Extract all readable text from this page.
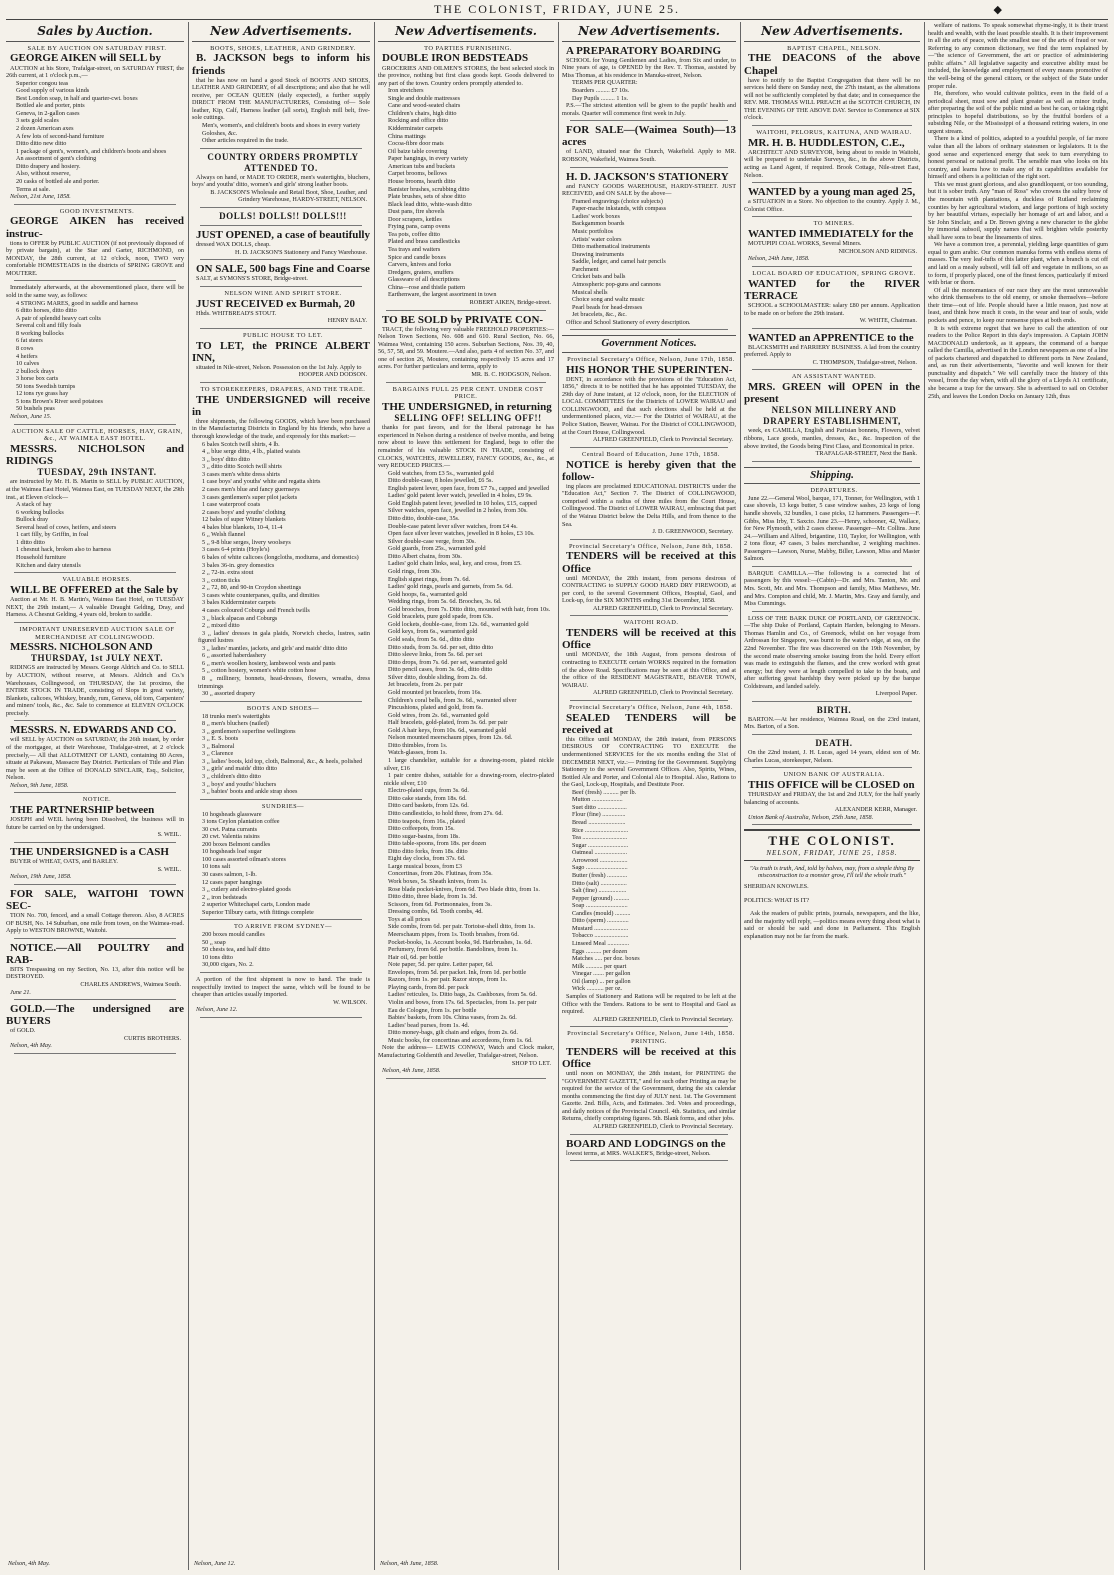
THE COLONIST, FRIDAY, JUNE 25.	◆
Sales by Auction.

SALE BY AUCTION ON SATURDAY FIRST.

GEORGE AIKEN will SELL by

AUCTION at his Store, Trafalgar-street, on SATURDAY FIRST, the 26th current, at 1 o'clock p.m.,—

Superior congou teas

Good supply of various kinds

Best London soap, in half and quarter-cwt. boxes

Bottled ale and porter, pints

Geneva, in 2-gallon cases

3 sets gold scales

2 dozen American axes

A few lots of second-hand furniture

Ditto ditto new ditto

1 package of gent's, women's, and children's boots and shoes

An assortment of gent's clothing

Ditto drapery and hosiery.

Also, without reserve,

20 casks of bottled ale and porter.

Terms at sale.

Nelson, 21st June, 1858.

GOOD INVESTMENTS.

GEORGE AIKEN has received instruc-

tions to OFFER by PUBLIC AUCTION (if not previously disposed of by private bargain), at the Star and Garter, RICHMOND, on MONDAY, the 28th current, at 12 o'clock, noon, TWO very comfortable HOMESTEADS in the districts of SPRING GROVE and MOUTERE.

Immediately afterwards, at the abovementioned place, there will be sold in the same way, as follows:

4 STRONG MARES, good in saddle and harness

6 ditto horses, ditto ditto

A pair of splendid heavy cart colts

Several colt and filly foals

8 working bullocks

6 fat steers

8 cows

4 heifers

10 calves

2 bullock drays

3 horse box carts

50 tons Swedish turnips

12 tons rye grass hay

5 tons Brown's River seed potatoes

50 bushels peas

Nelson, June 15.

AUCTION SALE OF CATTLE, HORSES, HAY, GRAIN, &c., AT WAIMEA EAST HOTEL.

MESSRS. NICHOLSON and RIDINGS

TUESDAY, 29th INSTANT.

are instructed by Mr. H. B. Martin to SELL by PUBLIC AUCTION, at the Waimea East Hotel, Waimea East, on TUESDAY NEXT, the 29th inst., at Eleven o'clock—

A stack of hay

6 working bullocks

Bullock dray

Several head of cows, heifers, and steers

1 cart filly, by Griffin, in foal

1 ditto ditto

1 chesnut hack, broken also to harness

Household furniture

Kitchen and dairy utensils

VALUABLE HORSES.

WILL BE OFFERED at the Sale by

Auction at Mr. H. B. Martin's, Waimea East Hotel, on TUESDAY NEXT, the 29th instant,— A valuable Draught Gelding, Dray, and Harness. A Chesnut Gelding, 4 years old, broken to saddle.

IMPORTANT UNRESERVED AUCTION SALE OF MERCHANDISE AT COLLINGWOOD.

MESSRS. NICHOLSON AND

THURSDAY, 1st JULY NEXT.

RIDINGS are instructed by Messrs. George Aldrich and Co. to SELL by AUCTION, without reserve, at Messrs. Aldrich and Co.'s Warehouses, Collingwood, on THURSDAY, the 1st proximo, the ENTIRE STOCK IN TRADE, consisting of Slops in great variety, Blankets, calicoes, Whiskey, brandy, rum, Geneva, old tom, Carpenters' and miners' tools, &c., &c. Sale to commence at ELEVEN O'CLOCK precisely.

MESSRS. N. EDWARDS AND CO.

will SELL by AUCTION on SATURDAY, the 26th instant, by order of the mortgagee, at their Warehouse, Trafalgar-street, at 2 o'clock precisely,— All that ALLOTMENT OF LAND, containing 80 Acres, situate at Pakawau, Massacre Bay District. Particulars of Title and Plan may be seen at the Office of DONALD SINCLAIR, Esq., Solicitor, Nelson.

Nelson, 9th June, 1858.

NOTICE.

THE PARTNERSHIP between

JOSEPH and WEIL having been Dissolved, the business will in future be carried on by the undersigned.

S. WEIL.

THE UNDERSIGNED is a CASH

BUYER of WHEAT, OATS, and BARLEY.

S. WEIL.

Nelson, 19th June, 1858.

FOR SALE, WAITOHI TOWN SEC-

TION No. 700, fenced, and a small Cottage thereon. Also, 8 ACRES OF BUSH, No. 14 Suburban, one mile from town, on the Waimea-road. Apply to WESTON BROWNE, Waitohi.

NOTICE.—All POULTRY and RAB-

BITS Trespassing on my Section, No. 13, after this notice will be DESTROYED.

CHARLES ANDREWS, Waimea South.

June 21.

GOLD.—The undersigned are BUYERS

of GOLD.

CURTIS BROTHERS.

Nelson, 4th May.

New Advertisements.

BOOTS, SHOES, LEATHER, AND GRINDERY.

B. JACKSON begs to inform his friends

that he has now on hand a good Stock of BOOTS AND SHOES, LEATHER AND GRINDERY, of all descriptions; and also that he will receive, per OCEAN QUEEN (daily expected), a further supply DIRECT FROM THE MANUFACTURERS, Consisting of— Sole leather, Kip, Calf, Harness leather (all sorts), English mill belt, five-sole cuttings.

Men's, women's, and children's boots and shoes in every variety

Goloshes, &c.

Other articles required in the trade.

COUNTRY ORDERS PROMPTLY ATTENDED TO.

Always on hand, or MADE TO ORDER, men's watertights, bluchers, boys' and youths' ditto, women's and girls' strong leather boots.

B. JACKSON'S Wholesale and Retail Boot, Shoe, Leather, and Grindery Warehouse, HARDY-STREET, NELSON.

DOLLS! DOLLS!! DOLLS!!!

JUST OPENED, a case of beautifully

dressed WAX DOLLS, cheap.

H. D. JACKSON'S Stationery and Fancy Warehouse.

ON SALE, 500 bags Fine and Coarse

SALT, at SYMONS'S STORE, Bridge-street.

NELSON WINE AND SPIRIT STORE.

JUST RECEIVED ex Burmah, 20

Hhds. WHITBREAD'S STOUT.

HENRY BALY.

PUBLIC HOUSE TO LET.

TO LET, the PRINCE ALBERT INN,

situated in Nile-street, Nelson. Possession on the 1st July. Apply to

HOOPER AND DODSON.

TO STOREKEEPERS, DRAPERS, AND THE TRADE.

THE UNDERSIGNED will receive in

three shipments, the following GOODS, which have been purchased in the Manufacturing Districts in England by his friends, who have a thorough knowledge of the trade, and expressly for this market:—

6 bales Scotch twill shirts, 4 lb.

4 ,, blue serge ditto, 4 lb., plaited waists

3 ,, boys' ditto ditto

3 ,, ditto ditto Scotch twill shirts

3 cases men's white dress shirts

1 case boys' and youths' white and regatta shirts

2 cases men's blue and fancy guernseys

3 cases gentlemen's super pilot jackets

1 case waterproof coats

2 cases boys' and youths' clothing

12 bales of super Witney blankets

4 bales blue blankets, 10-4, 11-4

6 ,, Welsh flannel

5 ,, 9-8 blue serges, livery woolseys

3 cases 6-4 prints (Hoyle's)

6 bales of white calicoes (longcloths, modiums, and domestics)

3 bales 36-in. grey domestics

2 ,, 72-in. extra stout

3 ,, cotton ticks

2 ,, 72, 80, and 90-in Croydon sheetings

3 cases white counterpanes, quilts, and dimities

3 bales Kidderminster carpets

4 cases coloured Coburgs and French twills

3 ,, black alpacas and Coburgs

2 ,, mixed ditto

3 ,, ladies' dresses in gala plaids, Norwich checks, lustres, satin figured lustres

3 ,, ladies' mantles, jackets, and girls' and maids' ditto ditto

6 ,, assorted haberdashery

6 ,, men's woollen hosiery, lambswool vests and pants

5 ,, cotton hosiery, women's white cotton hose

8 ,, millinery, bonnets, head-dresses, flowers, wreaths, dress trimmings

30 ,, assorted drapery

BOOTS AND SHOES—

18 trunks men's watertights

8 ,, men's bluchers (nailed)

3 ,, gentlemen's superfine wellingtons

3 ,, E. S. boots

3 ,, Balmoral

3 ,, Clarence

3 ,, ladies' boots, kid top, cloth, Balmoral, &c., & heels, polished

3 ,, girls' and maids' ditto ditto

3 ,, children's ditto ditto

3 ,, boys' and youths' bluchers

3 ,, babies' boots and ankle strap shoes

SUNDRIES—

10 hogsheads glassware

3 tons Ceylon plantation coffee

30 cwt. Patna currants

20 cwt. Valentia raisins

200 boxes Belmont candles

10 hogsheads loaf sugar

100 cases assorted oilman's stores

10 tons salt

30 cases salmon, 1-lb.

12 cases paper hangings

3 ,, cutlery and electro-plated goods

2 ,, iron bedsteads

2 superior Whitechapel carts, London made

Superior Tilbury carts, with fittings complete

TO ARRIVE FROM SYDNEY—

200 boxes mould candles

50 ,, soap

50 chests tea, and half ditto

10 tons ditto

30,000 cigars, No. 2.

A portion of the first shipment is now to hand. The trade is respectfully invited to inspect the same, which will be found to be cheaper than articles usually imported.

W. WILSON.

Nelson, June 12.

New Advertisements.

TO PARTIES FURNISHING.

DOUBLE IRON BEDSTEADS

GROCERIES AND OILMEN'S STORES, the best selected stock in the province, nothing but first class goods kept. Goods delivered to any part of the town. Country orders promptly attended to.

Iron stretchers

Single and double mattresses

Cane and wood-seated chairs

Children's chairs, high ditto

Rocking and office ditto

Kidderminster carpets

China mattings

Cocoa-fibre door mats

Oil baize table covering

Paper hangings, in every variety

American tubs and buckets

Carpet brooms, bellows

House brooms, hearth ditto

Banister brushes, scrubbing ditto

Plate brushes, sets of shoe ditto

Black lead ditto, white-wash ditto

Dust pans, fire shovels

Door scrapers, kettles

Frying pans, camp ovens

Tea pots, coffee ditto

Plated and brass candlesticks

Tea trays and waiters

Spice and candle boxes

Carvers, knives and forks

Dredgers, graters, snuffers

Glassware of all descriptions

China—rose and thistle pattern

Earthenware, the largest assortment in town

ROBERT AIKEN, Bridge-street.

TO BE SOLD by PRIVATE CON-

TRACT, the following very valuable FREEHOLD PROPERTIES:— Nelson Town Sections, No. 608 and 610. Rural Section, No. 66, Waimea West, containing 150 acres. Suburban Sections, Nos. 39, 40, 56, 57, 58, and 59. Moutere.—And also, parts 4 of section No. 37, and one of section 26, Moutere, containing respectively 15 acres and 17 acres. For further particulars and terms, apply to

MR. B. C. HODGSON, Nelson.

BARGAINS FULL 25 PER CENT. UNDER COST PRICE.

THE UNDERSIGNED, in returning

SELLING OFF! SELLING OFF!!

thanks for past favors, and for the liberal patronage he has experienced in Nelson during a residence of twelve months, and being now about to leave this settlement for England, begs to offer the remainder of his valuable STOCK IN TRADE, consisting of CLOCKS, WATCHES, JEWELLERY, FANCY GOODS, &c., &c., at very REDUCED PRICES.—

Gold watches, from £3 5s., warranted gold

Ditto double-case, 8 holes jewelled, £6 5s.

English patent lever, open face, from £7 7s., capped and jewelled

Ladies' gold patent lever watch, jewelled in 4 holes, £9 9s.

Gold English patent lever, jewelled in 10 holes, £15, capped

Silver watches, open face, jewelled in 2 holes, from 30s.

Ditto ditto, double-case, 35s.

Double-case patent lever silver watches, from £4 4s.

Open face silver lever watches, jewelled in 8 holes, £3 10s.

Silver double-case verge, from 30s.

Gold guards, from 25s., warranted gold

Ditto Albert chains, from 30s.

Ladies' gold chain links, seal, key, and cross, from £5.

Gold rings, from 30s.

English signet rings, from 7s. 6d.

Ladies' gold rings, pearls and garnets, from 5s. 6d.

Gold hoops, 6s., warranted gold

Wedding rings, from 5s. 6d. Brooches, 3s. 6d.

Gold brooches, from 7s. Ditto ditto, mounted with hair, from 10s.

Gold bracelets, pure gold spade, from 63s.

Gold lockets, double-case, from 12s. 6d., warranted gold

Gold keys, from 6s., warranted gold

Gold seals, from 5s. 6d., ditto ditto

Ditto studs, from 3s. 6d. per set, ditto ditto

Ditto sleeve links, from 5s. 6d. per set

Ditto drops, from 7s. 6d. per set, warranted gold

Ditto pencil cases, from 3s. 6d., ditto ditto

Silver ditto, double sliding, from 2s. 6d.

Jet bracelets, from 2s. per pair

Gold mounted jet bracelets, from 16s.

Children's coral bells, from 3s. 6d., warranted silver

Pincushions, plated and gold, from 6s.

Gold wires, from 2s. 6d., warranted gold

Half bracelets, gold-plated, from 3s. 6d. per pair

Gold A hair keys, from 10s. 6d., warranted gold

Nelson mounted meerschaum pipes, from 12s. 6d.

Ditto thimbles, from 1s.

Watch-glasses, from 1s.

1 large chandelier, suitable for a drawing-room, plated nickle silver, £16

1 pair centre dishes, suitable for a drawing-room, electro-plated nickle silver, £10

Electro-plated cups, from 3s. 6d.

Ditto cake stands, from 18s. 6d.

Ditto card baskets, from 12s. 6d.

Ditto candlesticks, to hold three, from 27s. 6d.

Ditto teapots, from 16s., plated

Ditto coffeepots, from 15s.

Ditto sugar-basins, from 18s.

Ditto table-spoons, from 18s. per dozen

Ditto ditto forks, from 18s. ditto

Eight day clocks, from 37s. 6d.

Large musical boxes, from £3

Concertinas, from 20s. Flutinas, from 35s.

Work boxes, 5s. Sheath knives, from 1s.

Rose blade pocket-knives, from 6d. Two blade ditto, from 1s.

Ditto ditto, three blade, from 1s. 3d.

Scissors, from 6d. Portmonnaies, from 3s.

Dressing combs, 6d. Tooth combs, 4d.

Toys at all prices

Side combs, from 6d. per pair. Tortoise-shell ditto, from 1s.

Meerschaum pipes, from 1s. Tooth brushes, from 6d.

Pocket-books, 1s. Account books, 9d. Hairbrushes, 1s. 6d.

Perfumery, from 6d. per bottle. Bandolines, from 1s.

Hair oil, 6d. per bottle

Note paper, 5d. per quire. Letter paper, 6d.

Envelopes, from 5d. per packet. Ink, from 1d. per bottle

Razors, from 1s. per pair. Razor strops, from 1s.

Playing cards, from 8d. per pack

Ladies' reticules, 1s. Ditto bags, 2s. Cashboxes, from 5s. 6d.

Violin and bows, from 17s. 6d. Spectacles, from 1s. per pair

Eau de Cologne, from 1s. per bottle

Babies' baskets, from 10s. China vases, from 2s. 6d.

Ladies' bead purses, from 1s. 4d.

Ditto money-bags, gilt chain and edges, from 2s. 6d.

Music books, for concertinas and accordeons, from 1s. 6d.

Note the address— LEWIS CONWAY, Watch and Clock maker, Manufacturing Goldsmith and Jeweller, Trafalgar-street, Nelson.

SHOP TO LET.

Nelson, 4th June, 1858.

New Advertisements.

A PREPARATORY BOARDING

SCHOOL for Young Gentlemen and Ladies, from Six and under, to Nine years of age, is OPENED by the Rev. T. Thomas, assisted by Miss Thomas, at his residence in Manuka-street, Nelson.

TERMS PER QUARTER:

Boarders ......... £7 10s.

Day Pupils ......... 1 1s.

P.S.—The strictest attention will be given to the pupils' health and morals. Quarter will commence first week in July.

FOR SALE—(Waimea South)—13 acres

of LAND, situated near the Church, Wakefield. Apply to MR. ROBSON, Wakefield, Waimea South.

H. D. JACKSON'S STATIONERY

and FANCY GOODS WAREHOUSE, HARDY-STREET. JUST RECEIVED, and ON SALE by the above—

Framed engravings (choice subjects)

Paper-mache inkstands, with compass

Ladies' work boxes

Backgammon boards

Music portfolios

Artists' water colors

Ditto mathematical instruments

Drawing instruments

Saddle, ledger, and camel hair pencils

Parchment

Cricket bats and balls

Atmospheric pop-guns and cannons

Musical shells

Choice song and waltz music

Pearl beads for head-dresses

Jet bracelets, &c., &c.

Office and School Stationery of every description.

Government Notices.

Provincial Secretary's Office, Nelson, June 17th, 1858.

HIS HONOR THE SUPERINTEN-

DENT, in accordance with the provisions of the "Education Act, 1856," directs it to be notified that he has appointed TUESDAY, the 29th day of June instant, at 12 o'clock, noon, for the ELECTION of LOCAL COMMITTEES for the Districts of LOWER WAIRAU and COLLINGWOOD, and that such elections shall be held at the undermentioned places, viz.:— For the District of WAIRAU, at the Police Station, Beaver, Wairau. For the District of COLLINGWOOD, at the Court House, Collingwood.

ALFRED GREENFIELD, Clerk to Provincial Secretary.

Central Board of Education, June 17th, 1858.

NOTICE is hereby given that the follow-

ing places are proclaimed EDUCATIONAL DISTRICTS under the "Education Act," Section 7. The District of COLLINGWOOD, comprised within a radius of three miles from the Court House, Collingwood. The District of LOWER WAIRAU, embracing that part of the Wairau District below the Delta Hills, and from thence to the Sea.

J. D. GREENWOOD, Secretary.

Provincial Secretary's Office, Nelson, June 8th, 1858.

TENDERS will be received at this Office

until MONDAY, the 28th instant, from persons desirous of CONTRACTING to SUPPLY GOOD HARD DRY FIREWOOD, at per cord, to the several Government Offices, Hospital, Gaol, and Lock-up, for the SIX MONTHS ending 31st December, 1858.

ALFRED GREENFIELD, Clerk to Provincial Secretary.

WAITOHI ROAD.

TENDERS will be received at this Office

until MONDAY, the 18th August, from persons desirous of contracting to EXECUTE certain WORKS required in the formation of the above Road. Specifications may be seen at this Office, and at the office of the RESIDENT MAGISTRATE, BEAVER TOWN, WAIRAU.

ALFRED GREENFIELD, Clerk to Provincial Secretary.

Provincial Secretary's Office, Nelson, June 4th, 1858.

SEALED TENDERS will be received at

this Office until MONDAY, the 28th instant, from PERSONS DESIROUS OF CONTRACTING TO EXECUTE the undermentioned SERVICES for the six months ending the 31st of DECEMBER NEXT, viz.:— Printing for the Government. Supplying Stationery to the several Government Offices. Also, Spirits, Wines, Bottled Ale and Porter, and Colonial Ale to Hospital. Also, Rations to the Gaol, Lock-up, Hospitals, and Destitute Poor.

Beef (fresh) .......... per lb.

Mutton ....................

Suet ditto ...................

Flour (fine) ...............

Bread ........................

Rice ............................

Tea .............................

Sugar ..........................

Oatmeal .....................

Arrowroot ..................

Sago ...........................

Butter (fresh) .............

Ditto (salt) .................

Salt (fine) ..................

Pepper (ground) ..........

Soap ...........................

Candles (mould) ..........

Ditto (sperm) ..............

Mustard ......................

Tobacco ......................

Linseed Meal ..............

Eggs .......... per dozen

Matches ..... per doz. boxes

Milk ........... per quart

Vinegar ....... per gallon

Oil (lamp) ... per gallon

Wick ........... per oz.

Samples of Stationery and Rations will be required to be left at the Office with the Tenders. Rations to be sent to Hospital and Gaol as required.

ALFRED GREENFIELD, Clerk to Provincial Secretary.

Provincial Secretary's Office, Nelson, June 14th, 1858. PRINTING.

TENDERS will be received at this Office

until noon on MONDAY, the 28th instant, for PRINTING the "GOVERNMENT GAZETTE," and for such other Printing as may be required for the service of the Government, during the six calendar months commencing the first day of JULY next. 1st. The Government Gazette. 2nd. Bills, Acts, and Estimates. 3rd. Votes and proceedings, and daily notices of the Provincial Council. 4th. Statistics, and similar Returns, chiefly comprising figures. 5th. Blank forms, and other jobs.

ALFRED GREENFIELD, Clerk to Provincial Secretary.

BOARD AND LODGINGS on the

lowest terms, at MRS. WALKER'S, Bridge-street, Nelson.

New Advertisements.

BAPTIST CHAPEL, NELSON.

THE DEACONS of the above Chapel

have to notify to the Baptist Congregation that there will be no services held there on Sunday next, the 27th instant, as the alterations will not be sufficiently completed by that date; and in consequence the REV. MR. THOMAS WILL PREACH at the SCOTCH CHURCH, IN THE EVENING OF THE ABOVE DAY. Service to Commence at SIX o'clock.

WAITOHI, PELORUS, KAITUNA, AND WAIRAU.

MR. H. B. HUDDLESTON, C.E.,

ARCHITECT AND SURVEYOR, being about to reside in Waitohi, will be prepared to undertake Surveys, &c., in the above Districts, acting as Land Agent, if required. Brook Cottage, Nile-street East, Nelson.

WANTED by a young man aged 25,

a SITUATION in a Store. No objection to the country. Apply J. M., Colonist Office.

TO MINERS.

WANTED IMMEDIATELY for the

MOTUPIPI COAL WORKS, Several Miners.

NICHOLSON AND RIDINGS.

Nelson, 24th June, 1858.

LOCAL BOARD OF EDUCATION, SPRING GROVE.

WANTED for the RIVER TERRACE

SCHOOL a SCHOOLMASTER: salary £80 per annum. Application to be made on or before the 29th instant.

W. WHITE, Chairman.

WANTED an APPRENTICE to the

BLACKSMITH and FARRIERY BUSINESS. A lad from the country preferred. Apply to

C. THOMPSON, Trafalgar-street, Nelson.

AN ASSISTANT WANTED.

MRS. GREEN will OPEN in the present

NELSON MILLINERY AND DRAPERY ESTABLISHMENT,

week, ex CAMILLA, English and Parisian bonnets, Flowers, velvet ribbons, Lace goods, mantles, dresses, &c., &c. Inspection of the above invited, the Goods being First Class, and Economical in price.

TRAFALGAR-STREET, Next the Bank.

Shipping.

DEPARTURES.

June 22.—General Wool, barque, 171, Tonner, for Wellington, with 1 case shovels, 13 kegs butter, 5 case window sashes, 23 kegs of long handle shovels, 32 bundles, 1 case picks, 12 hammers. Passengers—F. Gibbs, Miss Irby, T. Saxcto. June 23.—Henry, schooner, 42, Wallace, for New Plymouth, with 2 cases cheese. Passenger—Mr. Collins. June 24.—William and Alfred, brigantine, 110, Taylor, for Wellington, with 2 tons flour, 47 cases, 3 bales merchandise, 2 weighing machines. Passengers—Lawson, Nurse, Mabby, Biller, Lawson, Miss and Master Salmon.

BARQUE CAMILLA.—The following is a corrected list of passengers by this vessel:—(Cabin)—Dr. and Mrs. Tanton, Mr. and Mrs. Scott, Mr. and Mrs. Thompson and family, Miss Matthews, Mr. and Mrs. Compton and child, Mr. J. Martin, Mrs. Gray and family, and Miss Cummings.

LOSS OF THE BARK DUKE OF PORTLAND, OF GREENOCK.—The ship Duke of Portland, Captain Harden, belonging to Messrs. Thomas Hamlin and Co., of Greenock, whilst on her voyage from Ardrossan for Singapore, was burnt to the water's edge, at sea, on the 22nd November. The fire was discovered on the 19th November, by the second mate observing smoke issuing from the hold. Every effort was made to extinguish the flames, and the crew worked with great energy; but they were at length compelled to take to the boats, and after suffering great hardship they were picked up by the barque Coldstream, and landed safely.

Liverpool Paper.

BIRTH.

BARTON.—At her residence, Waimea Road, on the 23rd instant, Mrs. Barton, of a Son.

DEATH.

On the 22nd instant, J. H. Lucas, aged 14 years, eldest son of Mr. Charles Lucas, storekeeper, Nelson.

UNION BANK OF AUSTRALIA.

THIS OFFICE will be CLOSED on

THURSDAY and FRIDAY, the 1st and 2nd JULY, for the half yearly balancing of accounts.

ALEXANDER KERR, Manager.

Union Bank of Australia, Nelson, 25th June, 1858.

THE COLONIST.
NELSON, FRIDAY, JUNE 25, 1858.

"As truth is truth, And, told by halves, may, from a simple thing By misconstruction to a monster grow, I'll tell the whole truth."

SHERIDAN KNOWLES.

POLITICS: WHAT IS IT?

Ask the readers of public prints, journals, newspapers, and the like, and the majority will reply, —politics means every thing about what is said or should be said and done in Parliament. This English explanation may not be far from the mark.

welfare of nations. To speak somewhat rhyme-ingly, it is their truest health and wealth, with the least possible stealth. It is their improvement in all the arts of peace, with the smallest use of the arts of fraud or war. Referring to any common dictionary, we find the term explained by—"the science of Government, the art or practice of administering public affairs." All legislative sagacity and executive ability must be included, the knowledge and employment of every means promotive of the well-being of the general citizen, or the subject of the State under proper rule.

He, therefore, who would cultivate politics, even in the field of a periodical sheet, must sow and plant greater as well as minor truths, after preparing the soil of the public mind as best he can, or taking right principles to hopeful distributions, so by the fruitful borders of a subsiding Nile, or the Mississippi of a thousand retiring waters, in one urgent stream.

There is a kind of politics, adapted to a youthful people, of far more value than all the labors of ordinary statesmen or legislators. It is the good sense and experienced energy that seek to turn everything to honest personal or national profit. The sensible man who looks on his country, and learns how to make any of its capabilities available for himself and others is a politician of the right sort.

This we must grant glorious, and also grandiloquent, or too sounding, but it is sober truth. Any "man of Ross" who crowns the sultry brow of the mountain with plantations, a duckless of Rutland reclaiming counties by her agricultural wisdom, and large portions of high society by her beautiful virtues, especially her homage of art and labor, and a Sir John Sinclair, and a Dr. Brown giving a new character to the globe by immortal subsoil, supply names that will brighten while posterity shall have sons to bear the lineaments of sires.

We have a common tree, a perennial, yielding large quantities of gum equal to gum arabic. Our common manuka forms with endless stems of masses. The very leaf-tufts of this latter plant, when a branch is cut off and laid on a mealy subsoil, will fall off and vegetate in millions, so as to form, if properly placed, one of the finest fences, particularly if mixed with briar or thorn.

Of all the monomaniacs of our race they are the most unmoveable who drink themselves to the old enemy, or smoke themselves—before their time—out of life. People should have a little reason, just now at least, and think how much it costs, in the wear and tear of souls, wide pockets and pence, to keep our nonsense pipes at both ends.

It is with extreme regret that we have to call the attention of our readers to the Police Report in this day's impression. A Captain JOHN MACDONALD undertook, as it appears, the command of a barque called the Camilla, advertised in the London newspapers as one of a line of packets chartered and dispatched to different ports in New Zealand, and, as run their advertisements, "favorite and well known for their punctuality and dispatch." We will carefully trace the history of this vessel, from the day when, with all the glory of a Lloyds A1 certificate, she became a trap for the unwary. She is advertised to sail on October 25th, and leaves the London Docks on January 12th, thus

Nelson, 4th May.	Nelson, June 12.	Nelson, 4th June, 1858.
